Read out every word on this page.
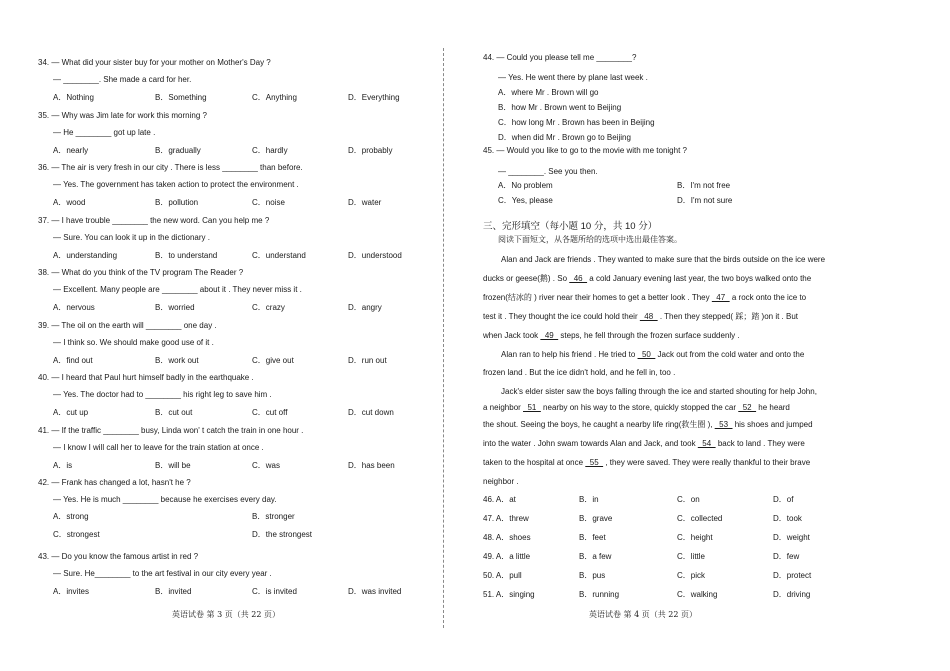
34. — What did your sister buy for your mother on Mother's Day ?
— ________. She made a card for her.
A．Nothing	B．Something	C．Anything	D．Everything
35. — Why was Jim late for work this morning ?
— He ________ got up late .
A．nearly	B．gradually	C．hardly	D．probably
36. — The air is very fresh in our city . There is less ________ than before.
— Yes. The government has taken action to protect the environment .
A．wood	B．pollution	C．noise	D．water
37. — I have trouble ________ the new word. Can you help me ?
— Sure. You can look it up in the dictionary .
A．understanding	B．to understand	C．understand	D．understood
38. — What do you think of the TV program The Reader ?
— Excellent. Many people are ________ about it . They never miss it .
A．nervous	B．worried	C．crazy	D．angry
39. — The oil on the earth will ________ one day .
— I think so. We should make good use of it .
A．find out	B．work out	C．give out	D．run out
40. — I heard that Paul hurt himself badly in the earthquake .
— Yes. The doctor had to ________ his right leg to save him .
A．cut up	B．cut out	C．cut off	D．cut down
41. — If the traffic ________ busy, Linda won' t catch the train in one hour .
— I know I will call her to leave for the train station at once .
A．is	B．will be	C．was	D．has been
42. — Frank has changed a lot, hasn't he ?
— Yes. He is much ________ because he exercises every day.
A．strong	B．stronger
C．strongest	D．the strongest
43. — Do you know the famous artist in red ?
— Sure. He________ to the art festival in our city every year .
A．invites	B．invited	C．is invited	D．was invited
44. — Could you please tell me ________?
— Yes. He went there by plane last week .
A．where Mr . Brown will go
B．how Mr . Brown went to Beijing
C．how long Mr . Brown has been in Beijing
D．when did Mr . Brown go to Beijing
45. — Would you like to go to the movie with me tonight ?
— ________. See you then.
A．No problem	B．I'm not free
C．Yes, please	D．I'm not sure
三、完形填空（每小题 10 分，共 10 分）
阅读下面短文，从各题所给的选项中选出最佳答案。
Alan and Jack are friends . They wanted to make sure that the birds outside on the ice were
ducks or geese(鹅) . So   46   a cold January evening last year, the two boys walked onto the
frozen(结冰的 ) river near their homes to get a better look . They   47   a rock onto the ice to
test it . They thought the ice could hold their   48   . Then they stepped( 踩；踏 )on it . But
when Jack took   49   steps, he fell through the frozen surface suddenly .
Alan ran to help his friend . He tried to   50   Jack out from the cold water and onto the
frozen land . But the ice didn't hold, and he fell in, too .
Jack's elder sister saw the boys falling through the ice and started shouting for help John,
a neighbor   51   nearby on his way to the store, quickly stopped the car   52   he heard
the shout. Seeing the boys, he caught a nearby life ring(救生圈 ),   53   his shoes and jumped
into the water . John swam towards Alan and Jack, and took   54   back to land . They were
taken to the hospital at once   55   , they were saved. They were really thankful to their brave
neighbor .
46. A．at	B．in	C．on	D．of
47. A．threw	B．grave	C．collected	D．took
48. A．shoes	B．feet	C．height	D．weight
49. A．a little	B．a few	C．little	D．few
50. A．pull	B．pus	C．pick	D．protect
51. A．singing	B．running	C．walking	D．driving
英语试卷 第 3 页（共 22 页）	英语试卷 第 4 页（共 22 页）
